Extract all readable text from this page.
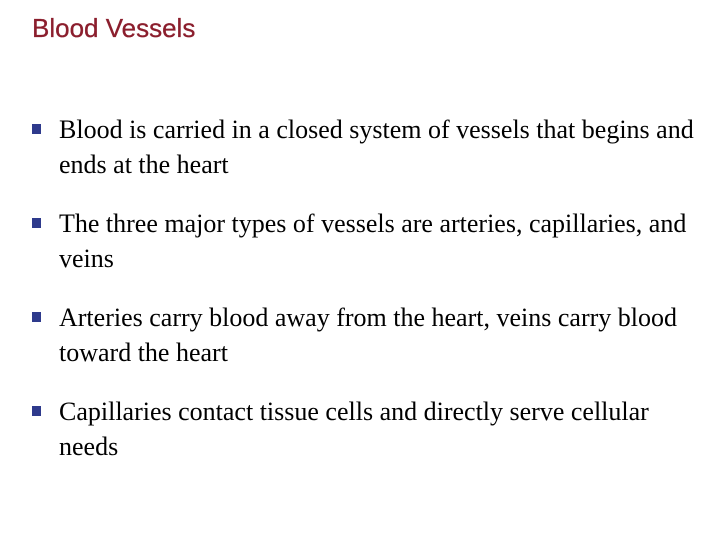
Blood Vessels
Blood is carried in a closed system of vessels that begins and ends at the heart
The three major types of vessels are arteries, capillaries, and veins
Arteries carry blood away from the heart, veins carry blood toward the heart
Capillaries contact tissue cells and directly serve cellular needs
